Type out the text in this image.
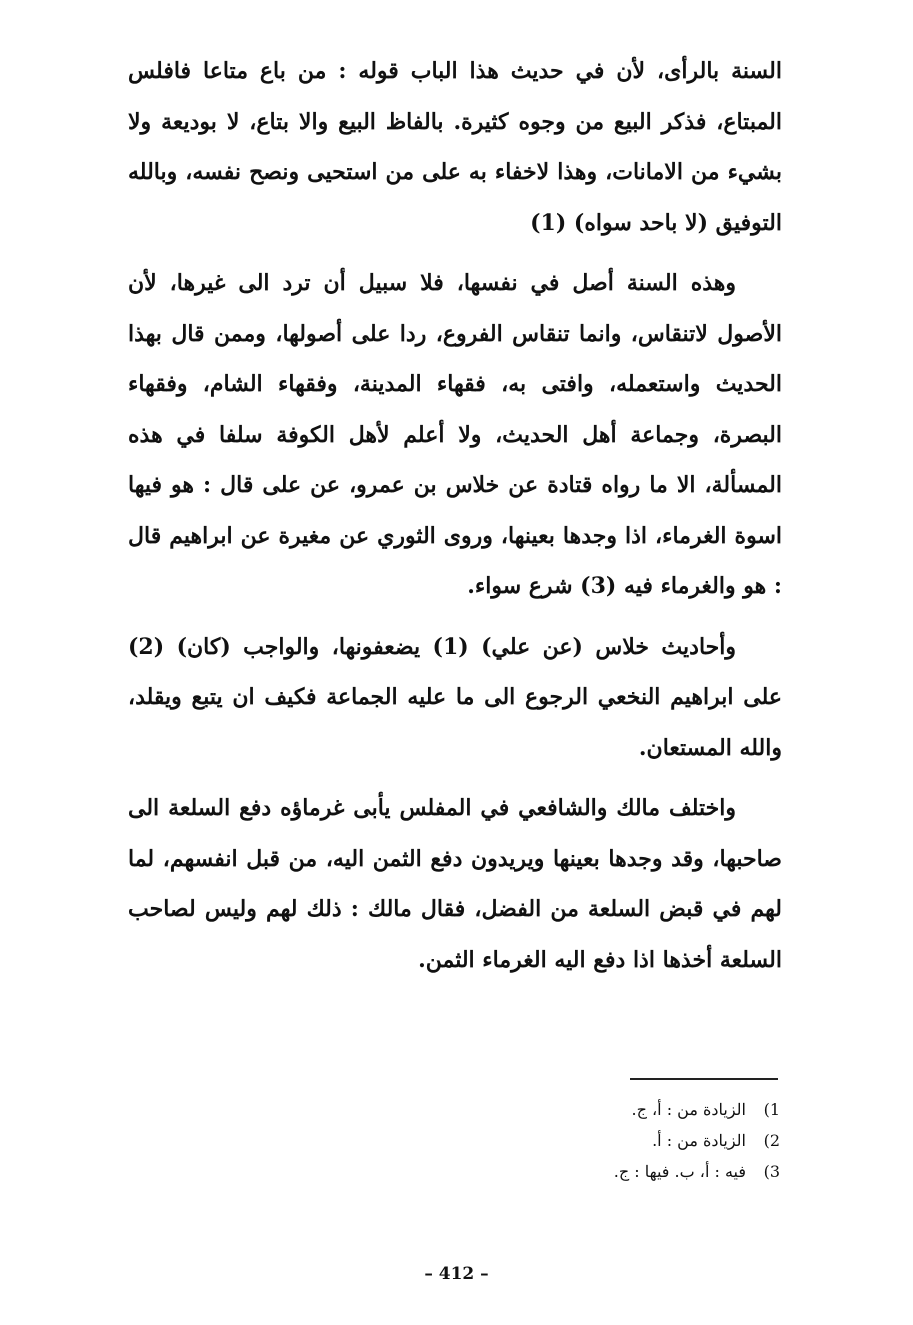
السنة بالرأى، لأن في حديث هذا الباب قوله : من باع متاعا فافلس المبتاع، فذكر البيع من وجوه كثيرة. بالفاظ البيع والا بتاع، لا بوديعة ولا بشيء من الامانات، وهذا لاخفاء به على من استحيى ونصح نفسه، وبالله التوفيق (لا باحد سواه) (1)

وهذه السنة أصل في نفسها، فلا سبيل أن ترد الى غيرها، لأن الأصول لاتنقاس، وانما تنقاس الفروع، ردا على أصولها، وممن قال بهذا الحديث واستعمله، وافتى به، فقهاء المدينة، وفقهاء الشام، وفقهاء البصرة، وجماعة أهل الحديث، ولا أعلم لأهل الكوفة سلفا في هذه المسألة، الا ما رواه قتادة عن خلاس بن عمرو، عن على قال : هو فيها اسوة الغرماء، اذا وجدها بعينها، وروى الثوري عن مغيرة عن ابراهيم قال : هو والغرماء فيه (3) شرع سواء.

وأحاديث خلاس (عن علي) (1) يضعفونها، والواجب (كان) (2) على ابراهيم النخعي الرجوع الى ما عليه الجماعة فكيف ان يتبع ويقلد، والله المستعان.

واختلف مالك والشافعي في المفلس يأبى غرماؤه دفع السلعة الى صاحبها، وقد وجدها بعينها ويريدون دفع الثمن اليه، من قبل انفسهم، لما لهم في قبض السلعة من الفضل، فقال مالك : ذلك لهم وليس لصاحب السلعة أخذها اذا دفع اليه الغرماء الثمن.

1)
الزيادة من : أ، ج.
2)
الزيادة من : أ.
3)
فيه : أ، ب. فيها : ج.
– 412 –
